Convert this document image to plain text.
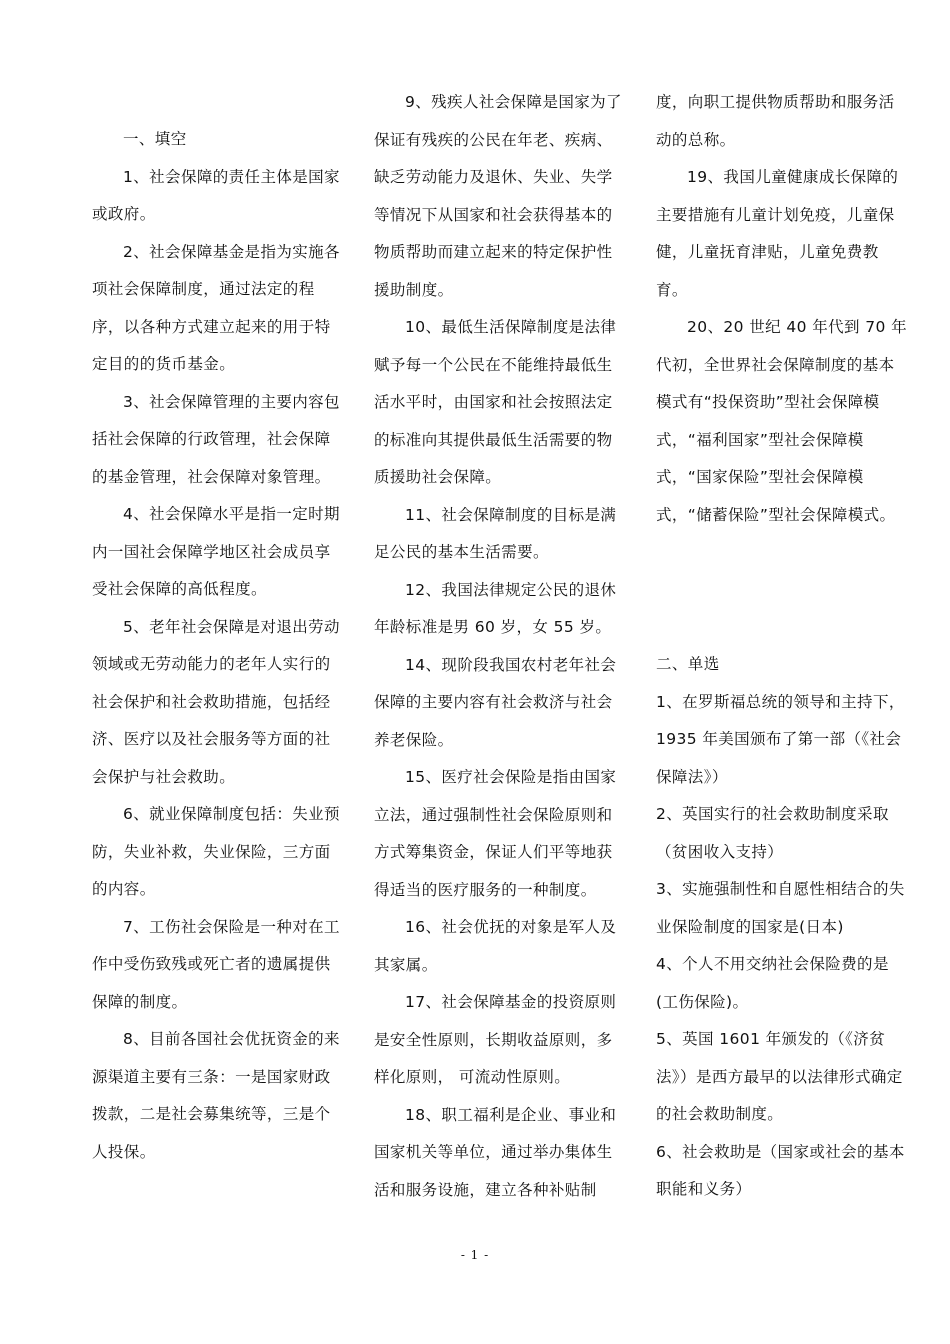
一、填空

1、社会保障的责任主体是国家或政府。

2、社会保障基金是指为实施各项社会保障制度，通过法定的程序，以各种方式建立起来的用于特定目的的货币基金。

3、社会保障管理的主要内容包括社会保障的行政管理，社会保障的基金管理，社会保障对象管理。

4、社会保障水平是指一定时期内一国社会保障学地区社会成员享受社会保障的高低程度。

5、老年社会保障是对退出劳动领域或无劳动能力的老年人实行的社会保护和社会救助措施，包括经济、医疗以及社会服务等方面的社会保护与社会救助。

6、就业保障制度包括：失业预防，失业补救，失业保险，三方面的内容。

7、工伤社会保险是一种对在工作中受伤致残或死亡者的遗属提供保障的制度。

8、目前各国社会优抚资金的来源渠道主要有三条：一是国家财政拨款，二是社会募集统等，三是个人投保。

9、残疾人社会保障是国家为了保证有残疾的公民在年老、疾病、缺乏劳动能力及退休、失业、失学等情况下从国家和社会获得基本的物质帮助而建立起来的特定保护性援助制度。

10、最低生活保障制度是法律赋予每一个公民在不能维持最低生活水平时，由国家和社会按照法定的标准向其提供最低生活需要的物质援助社会保障。

11、社会保障制度的目标是满足公民的基本生活需要。

12、我国法律规定公民的退休年龄标准是男 60 岁，女 55 岁。

14、现阶段我国农村老年社会保障的主要内容有社会救济与社会养老保险。

15、医疗社会保险是指由国家立法，通过强制性社会保险原则和方式筹集资金，保证人们平等地获得适当的医疗服务的一种制度。

16、社会优抚的对象是军人及其家属。

17、社会保障基金的投资原则是安全性原则，长期收益原则，多样化原则， 可流动性原则。

18、职工福利是企业、事业和国家机关等单位，通过举办集体生活和服务设施，建立各种补贴制

度，向职工提供物质帮助和服务活动的总称。

19、我国儿童健康成长保障的主要措施有儿童计划免疫，儿童保健，儿童抚育津贴，儿童免费教育。

20、20 世纪 40 年代到 70 年代初，全世界社会保障制度的基本模式有“投保资助”型社会保障模式，“福利国家”型社会保障模式，“国家保险”型社会保障模式，“储蓄保险”型社会保障模式。

二、单选

1、在罗斯福总统的领导和主持下，1935 年美国颁布了第一部（《社会保障法》）

2、英国实行的社会救助制度采取（贫困收入支持）

3、实施强制性和自愿性相结合的失业保险制度的国家是(日本)

4、个人不用交纳社会保险费的是(工伤保险)。

5、英国 1601 年颁发的（《济贫法》）是西方最早的以法律形式确定的社会救助制度。

6、社会救助是（国家或社会的基本职能和义务）

- 1 -
